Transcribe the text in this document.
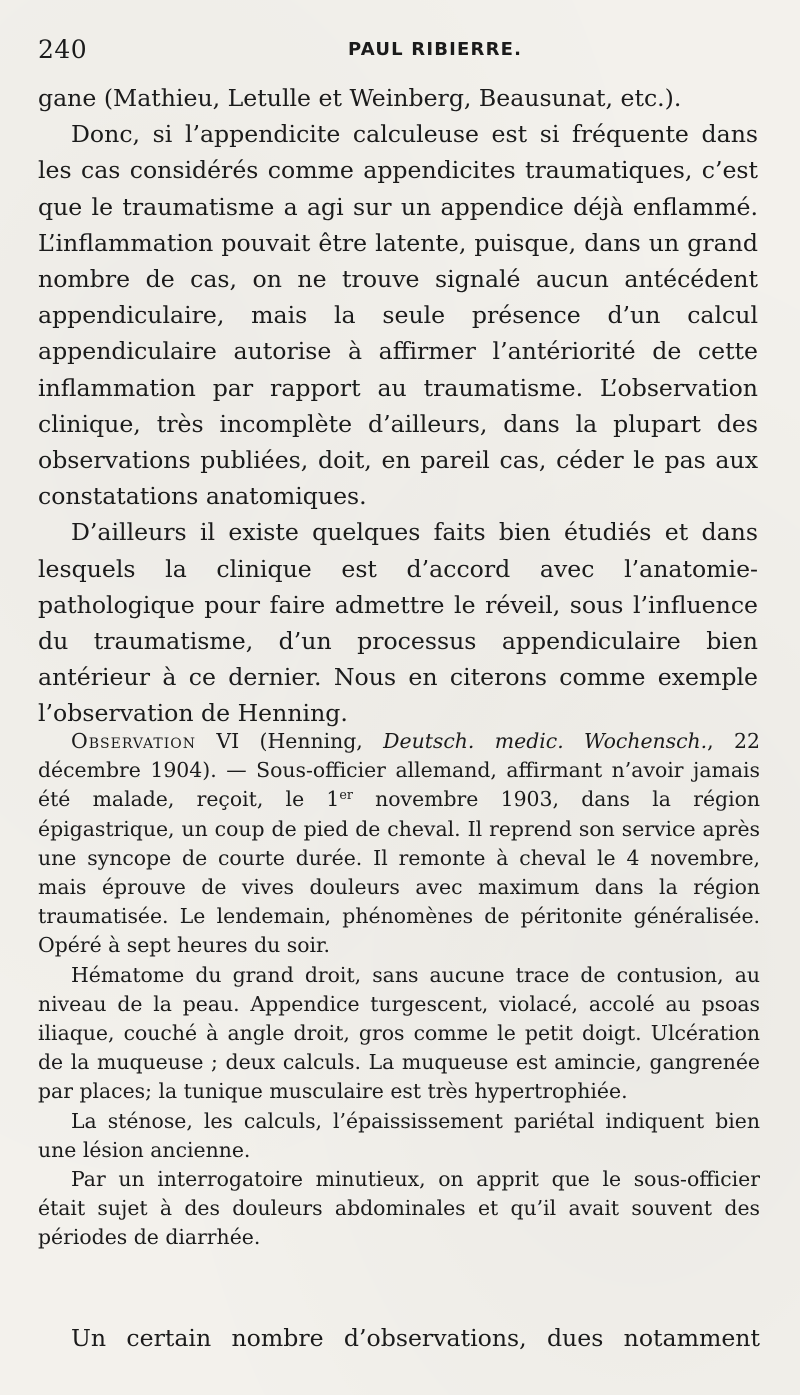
240	PAUL RIBIERRE.

gane (Mathieu, Letulle et Weinberg, Beausunat, etc.).

Donc, si l’appendicite calculeuse est si fréquente dans les cas considérés comme appendicites traumatiques, c’est que le traumatisme a agi sur un appendice déjà enflammé. L’inflammation pouvait être latente, puisque, dans un grand nombre de cas, on ne trouve signalé aucun antécédent appendiculaire, mais la seule présence d’un calcul appendiculaire autorise à affirmer l’antériorité de cette inflammation par rapport au traumatisme. L’observation clinique, très incomplète d’ailleurs, dans la plupart des observations publiées, doit, en pareil cas, céder le pas aux constatations anatomiques.

D’ailleurs il existe quelques faits bien étudiés et dans lesquels la clinique est d’accord avec l’anatomie-pathologique pour faire admettre le réveil, sous l’influence du traumatisme, d’un processus appendiculaire bien antérieur à ce dernier. Nous en citerons comme exemple l’observation de Henning.

Observation VI (Henning, Deutsch. medic. Wochensch., 22 décembre 1904). — Sous-officier allemand, affirmant n’avoir jamais été malade, reçoit, le 1er novembre 1903, dans la région épigastrique, un coup de pied de cheval. Il reprend son service après une syncope de courte durée. Il remonte à cheval le 4 novembre, mais éprouve de vives douleurs avec maximum dans la région traumatisée. Le lendemain, phénomènes de péritonite généralisée. Opéré à sept heures du soir.

Hématome du grand droit, sans aucune trace de contusion, au niveau de la peau. Appendice turgescent, violacé, accolé au psoas iliaque, couché à angle droit, gros comme le petit doigt. Ulcération de la muqueuse ; deux calculs. La muqueuse est amincie, gangrenée par places; la tunique musculaire est très hypertrophiée.

La sténose, les calculs, l’épaississement pariétal indiquent bien une lésion ancienne.

Par un interrogatoire minutieux, on apprit que le sous-officier était sujet à des douleurs abdominales et qu’il avait souvent des périodes de diarrhée.

Un certain nombre d’observations, dues notamment
